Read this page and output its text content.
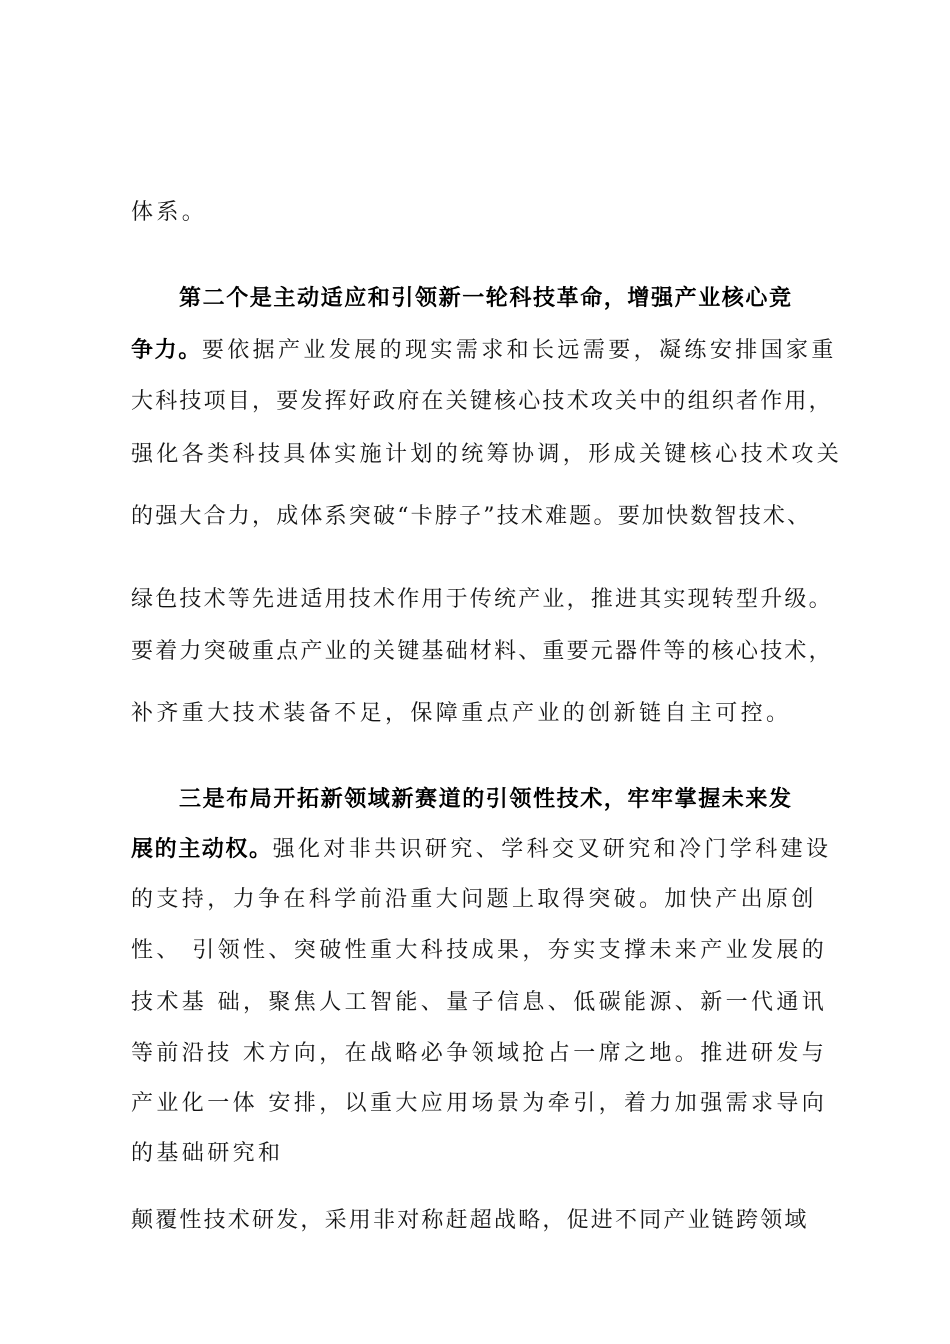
体系。
第二个是主动适应和引领新一轮科技革命，增强产业核心竞
争力。要依据产业发展的现实需求和长远需要，凝练安排国家重
大科技项目，要发挥好政府在关键核心技术攻关中的组织者作用，
强化各类科技具体实施计划的统筹协调，形成关键核心技术攻关
的强大合力，成体系突破“卡脖子”技术难题。要加快数智技术、
绿色技术等先进适用技术作用于传统产业，推进其实现转型升级。
要着力突破重点产业的关键基础材料、重要元器件等的核心技术，
补齐重大技术装备不足，保障重点产业的创新链自主可控。
三是布局开拓新领域新赛道的引领性技术，牢牢掌握未来发
展的主动权。强化对非共识研究、学科交叉研究和冷门学科建设
的支持，力争在科学前沿重大问题上取得突破。加快产出原创
性、 引领性、突破性重大科技成果，夯实支撑未来产业发展的
技术基 础，聚焦人工智能、量子信息、低碳能源、新一代通讯
等前沿技 术方向，在战略必争领域抢占一席之地。推进研发与
产业化一体 安排，以重大应用场景为牵引，着力加强需求导向
的基础研究和
颠覆性技术研发，采用非对称赶超战略，促进不同产业链跨领域
